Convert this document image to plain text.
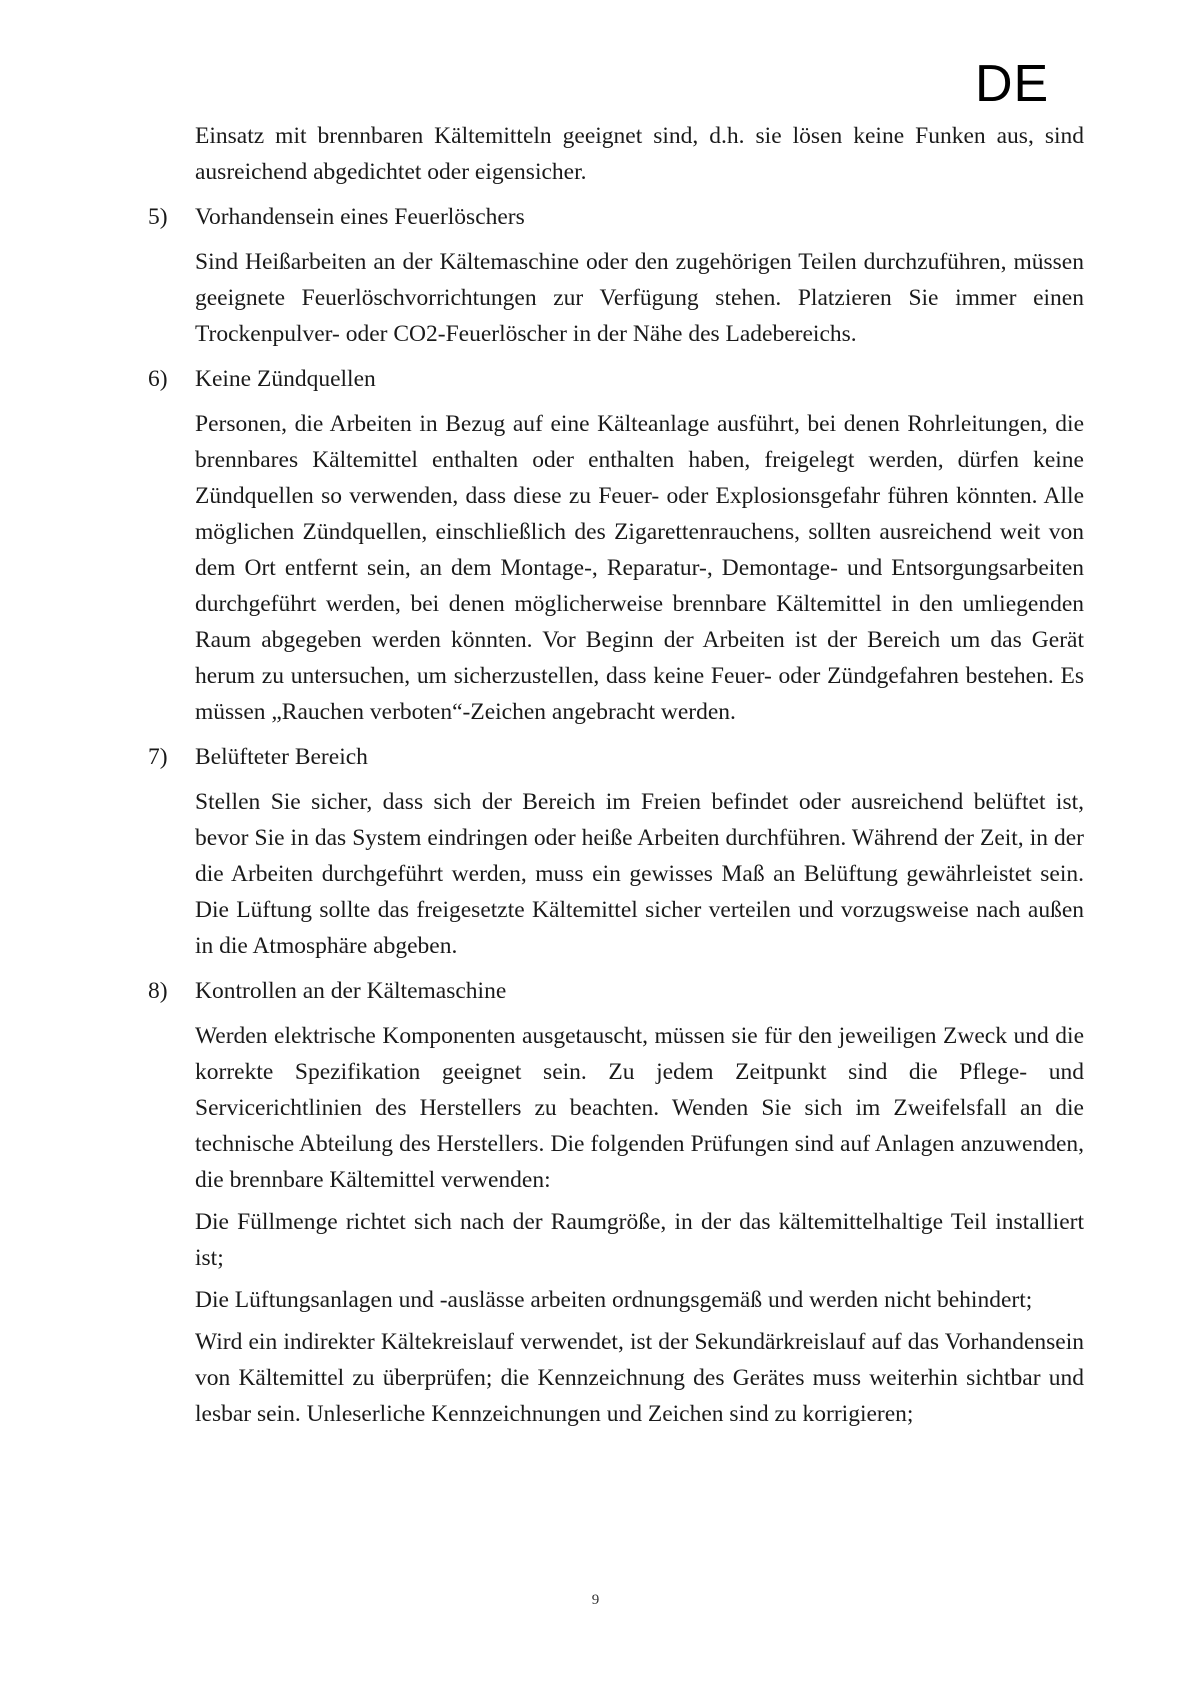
DE

Einsatz mit brennbaren Kältemitteln geeignet sind, d.h. sie lösen keine Funken aus, sind ausreichend abgedichtet oder eigensicher.

5)	Vorhandensein eines Feuerlöschers

Sind Heißarbeiten an der Kältemaschine oder den zugehörigen Teilen durchzuführen, müssen geeignete Feuerlöschvorrichtungen zur Verfügung stehen. Platzieren Sie immer einen Trockenpulver- oder CO2-Feuerlöscher in der Nähe des Ladebereichs.

6)	Keine Zündquellen

Personen, die Arbeiten in Bezug auf eine Kälteanlage ausführt, bei denen Rohrleitungen, die brennbares Kältemittel enthalten oder enthalten haben, freigelegt werden, dürfen keine Zündquellen so verwenden, dass diese zu Feuer- oder Explosionsgefahr führen könnten. Alle möglichen Zündquellen, einschließlich des Zigarettenrauchens, sollten ausreichend weit von dem Ort entfernt sein, an dem Montage-, Reparatur-, Demontage- und Entsorgungsarbeiten durchgeführt werden, bei denen möglicherweise brennbare Kältemittel in den umliegenden Raum abgegeben werden könnten. Vor Beginn der Arbeiten ist der Bereich um das Gerät herum zu untersuchen, um sicherzustellen, dass keine Feuer- oder Zündgefahren bestehen. Es müssen „Rauchen verboten“-Zeichen angebracht werden.

7)	Belüfteter Bereich

Stellen Sie sicher, dass sich der Bereich im Freien befindet oder ausreichend belüftet ist, bevor Sie in das System eindringen oder heiße Arbeiten durchführen. Während der Zeit, in der die Arbeiten durchgeführt werden, muss ein gewisses Maß an Belüftung gewährleistet sein. Die Lüftung sollte das freigesetzte Kältemittel sicher verteilen und vorzugsweise nach außen in die Atmosphäre abgeben.

8)	Kontrollen an der Kältemaschine

Werden elektrische Komponenten ausgetauscht, müssen sie für den jeweiligen Zweck und die korrekte Spezifikation geeignet sein. Zu jedem Zeitpunkt sind die Pflege- und Servicerichtlinien des Herstellers zu beachten. Wenden Sie sich im Zweifelsfall an die technische Abteilung des Herstellers. Die folgenden Prüfungen sind auf Anlagen anzuwenden, die brennbare Kältemittel verwenden:

Die Füllmenge richtet sich nach der Raumgröße, in der das kältemittelhaltige Teil installiert ist;

Die Lüftungsanlagen und -auslässe arbeiten ordnungsgemäß und werden nicht behindert;

Wird ein indirekter Kältekreislauf verwendet, ist der Sekundärkreislauf auf das Vorhandensein von Kältemittel zu überprüfen; die Kennzeichnung des Gerätes muss weiterhin sichtbar und lesbar sein. Unleserliche Kennzeichnungen und Zeichen sind zu korrigieren;

9
